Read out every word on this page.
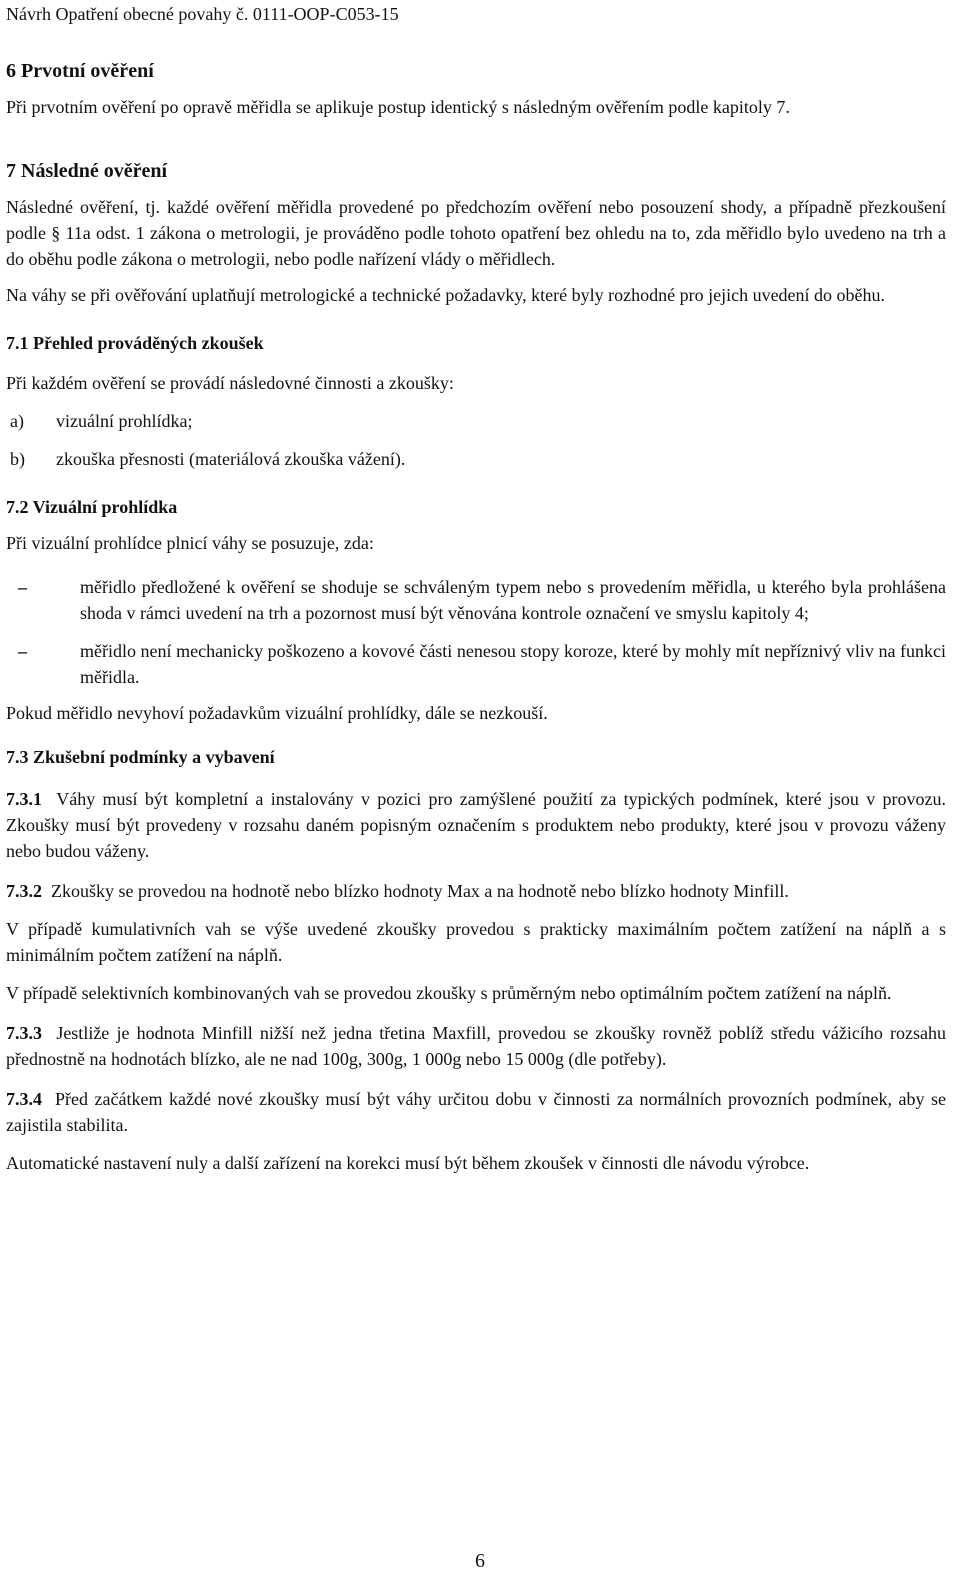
Návrh Opatření obecné povahy č. 0111-OOP-C053-15
6 Prvotní ověření

Při prvotním ověření po opravě měřidla se aplikuje postup identický s následným ověřením podle kapitoly 7.

7 Následné ověření

Následné ověření, tj. každé ověření měřidla provedené po předchozím ověření nebo posouzení shody, a případně přezkoušení podle § 11a odst. 1 zákona o metrologii, je prováděno podle tohoto opatření bez ohledu na to, zda měřidlo bylo uvedeno na trh a do oběhu podle zákona o metrologii, nebo podle nařízení vlády o měřidlech.

Na váhy se při ověřování uplatňují metrologické a technické požadavky, které byly rozhodné pro jejich uvedení do oběhu.

7.1 Přehled prováděných zkoušek

Při každém ověření se provádí následovné činnosti a zkoušky:

a)	vizuální prohlídka;
b)	zkouška přesnosti (materiálová zkouška vážení).
7.2 Vizuální prohlídka

Při vizuální prohlídce plnicí váhy se posuzuje, zda:

–	měřidlo předložené k ověření se shoduje se schváleným typem nebo s provedením měřidla, u kterého byla prohlášena shoda v rámci uvedení na trh a pozornost musí být věnována kontrole označení ve smyslu kapitoly 4;
–	měřidlo není mechanicky poškozeno a kovové části nenesou stopy koroze, které by mohly mít nepříznivý vliv na funkci měřidla.

Pokud měřidlo nevyhoví požadavkům vizuální prohlídky, dále se nezkouší.

7.3 Zkušební podmínky a vybavení

7.3.1 Váhy musí být kompletní a instalovány v pozici pro zamýšlené použití za typických podmínek, které jsou v provozu. Zkoušky musí být provedeny v rozsahu daném popisným označením s produktem nebo produkty, které jsou v provozu váženy nebo budou váženy.

7.3.2 Zkoušky se provedou na hodnotě nebo blízko hodnoty Max a na hodnotě nebo blízko hodnoty Minfill.

V případě kumulativních vah se výše uvedené zkoušky provedou s prakticky maximálním počtem zatížení na náplň a s minimálním počtem zatížení na náplň.

V případě selektivních kombinovaných vah se provedou zkoušky s průměrným nebo optimálním počtem zatížení na náplň.

7.3.3 Jestliže je hodnota Minfill nižší než jedna třetina Maxfill, provedou se zkoušky rovněž poblíž středu vážicího rozsahu přednostně na hodnotách blízko, ale ne nad 100g, 300g, 1 000g nebo 15 000g (dle potřeby).

7.3.4 Před začátkem každé nové zkoušky musí být váhy určitou dobu v činnosti za normálních provozních podmínek, aby se zajistila stabilita.

Automatické nastavení nuly a další zařízení na korekci musí být během zkoušek v činnosti dle návodu výrobce.

6
